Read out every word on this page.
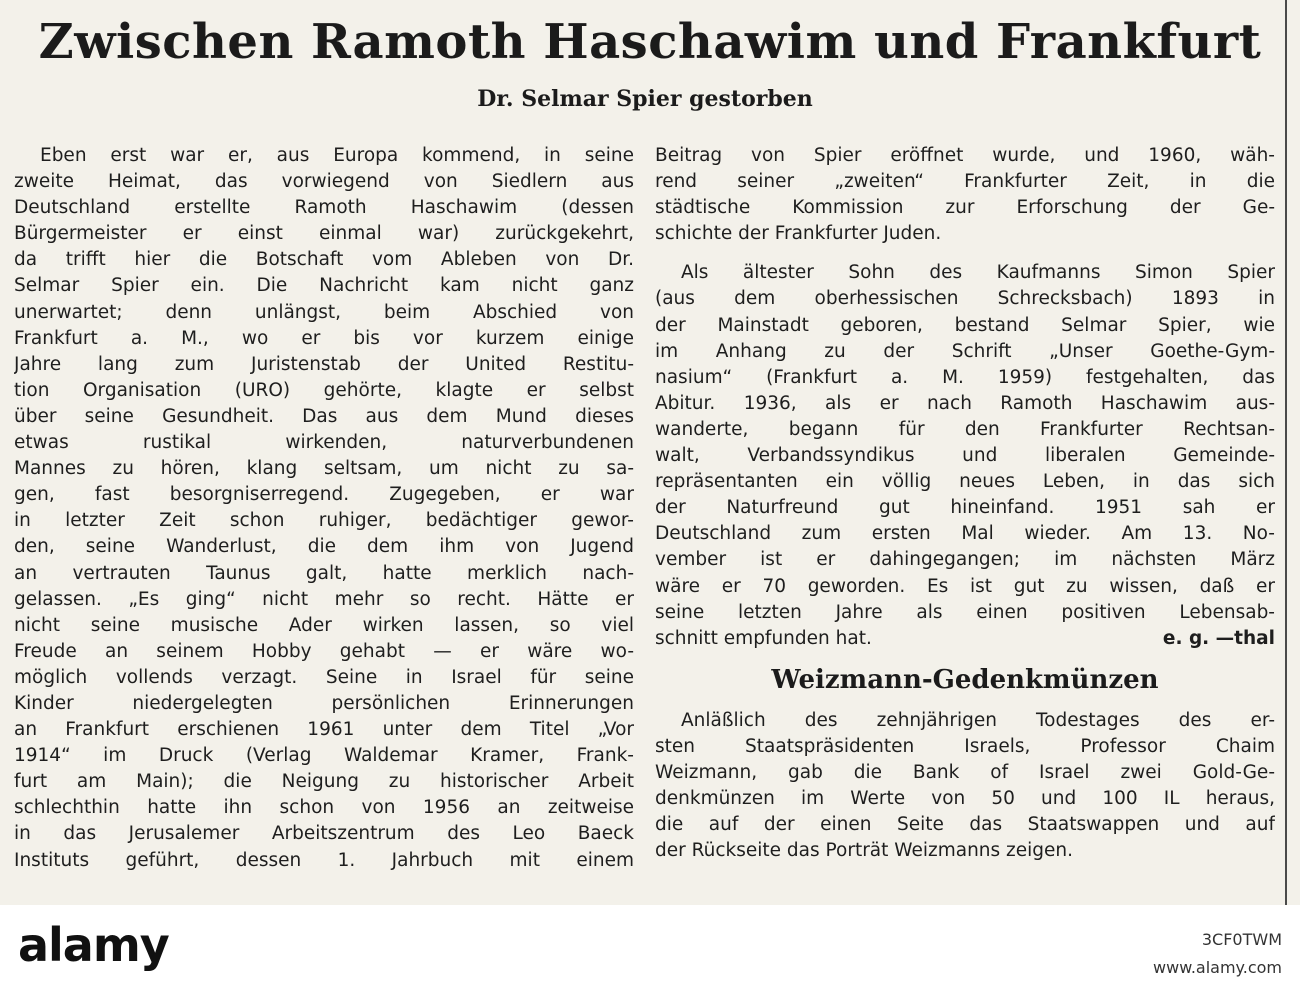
Zwischen Ramoth Haschawim und Frankfurt
Dr. Selmar Spier gestorben
Eben erst war er, aus Europa kommend, in seine
zweite Heimat, das vorwiegend von Siedlern aus
Deutschland erstellte Ramoth Haschawim (dessen
Bürgermeister er einst einmal war) zurückgekehrt,
da trifft hier die Botschaft vom Ableben von Dr.
Selmar Spier ein. Die Nachricht kam nicht ganz
unerwartet; denn unlängst, beim Abschied von
Frankfurt a. M., wo er bis vor kurzem einige
Jahre lang zum Juristenstab der United Restitu-
tion Organisation (URO) gehörte, klagte er selbst
über seine Gesundheit. Das aus dem Mund dieses
etwas rustikal wirkenden, naturverbundenen
Mannes zu hören, klang seltsam, um nicht zu sa-
gen, fast besorgniserregend. Zugegeben, er war
in letzter Zeit schon ruhiger, bedächtiger gewor-
den, seine Wanderlust, die dem ihm von Jugend
an vertrauten Taunus galt, hatte merklich nach-
gelassen. „Es ging“ nicht mehr so recht. Hätte er
nicht seine musische Ader wirken lassen, so viel
Freude an seinem Hobby gehabt — er wäre wo-
möglich vollends verzagt. Seine in Israel für seine
Kinder niedergelegten persönlichen Erinnerungen
an Frankfurt erschienen 1961 unter dem Titel „Vor
1914“ im Druck (Verlag Waldemar Kramer, Frank-
furt am Main); die Neigung zu historischer Arbeit
schlechthin hatte ihn schon von 1956 an zeitweise
in das Jerusalemer Arbeitszentrum des Leo Baeck
Instituts geführt, dessen 1. Jahrbuch mit einem
Beitrag von Spier eröffnet wurde, und 1960, wäh-
rend seiner „zweiten“ Frankfurter Zeit, in die
städtische Kommission zur Erforschung der Ge-
schichte der Frankfurter Juden.
Als ältester Sohn des Kaufmanns Simon Spier
(aus dem oberhessischen Schrecksbach) 1893 in
der Mainstadt geboren, bestand Selmar Spier, wie
im Anhang zu der Schrift „Unser Goethe-Gym-
nasium“ (Frankfurt a. M. 1959) festgehalten, das
Abitur. 1936, als er nach Ramoth Haschawim aus-
wanderte, begann für den Frankfurter Rechtsan-
walt, Verbandssyndikus und liberalen Gemeinde-
repräsentanten ein völlig neues Leben, in das sich
der Naturfreund gut hineinfand. 1951 sah er
Deutschland zum ersten Mal wieder. Am 13. No-
vember ist er dahingegangen; im nächsten März
wäre er 70 geworden. Es ist gut zu wissen, daß er
seine letzten Jahre als einen positiven Lebensab-
schnitt empfunden hat.	e. g. —thal
Weizmann-Gedenkmünzen
Anläßlich des zehnjährigen Todestages des er-
sten Staatspräsidenten Israels, Professor Chaim
Weizmann, gab die Bank of Israel zwei Gold-Ge-
denkmünzen im Werte von 50 und 100 IL heraus,
die auf der einen Seite das Staatswappen und auf
der Rückseite das Porträt Weizmanns zeigen.
alamy	3CF0TWM
www.alamy.com
